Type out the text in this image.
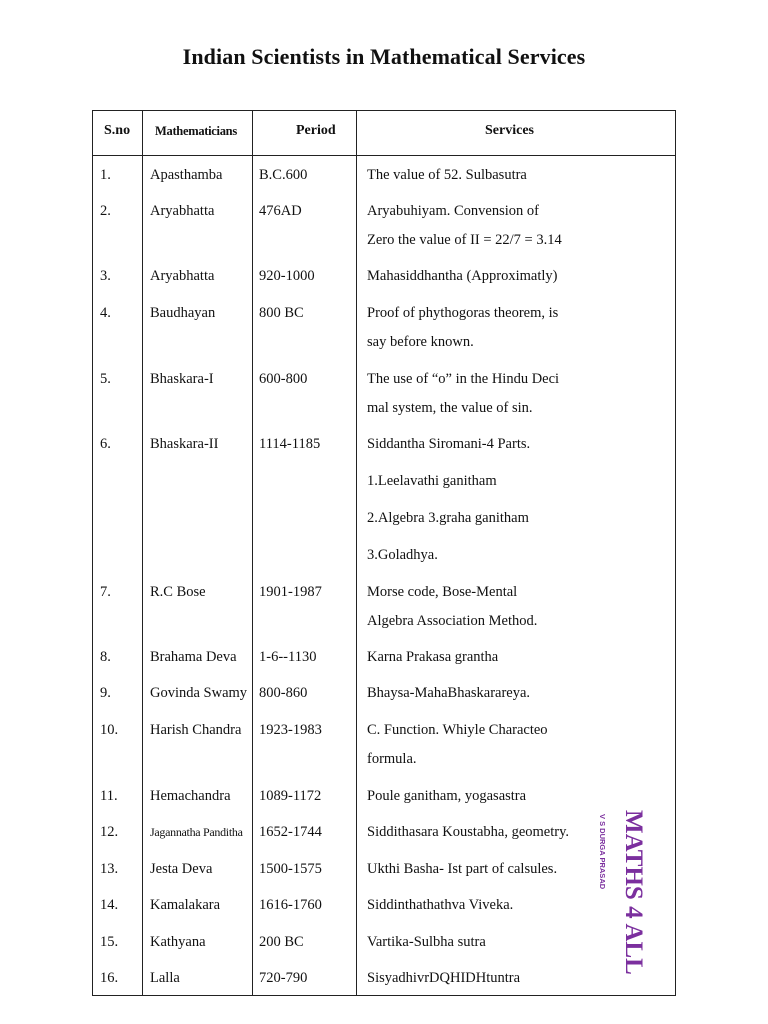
Indian Scientists in Mathematical Services
S.no Mathematicians	Period	Services
1.	Apasthamba	B.C.600	The value of 52. Sulbasutra
2.	Aryabhatta	476AD	Aryabuhiyam. Convension of
Zero the value of II = 22/7 = 3.14
3.	Aryabhatta	920-1000	Mahasiddhantha (Approximatly)
4.	Baudhayan	800 BC	Proof of phythogoras theorem, is
say before known.
5.	Bhaskara-I	600-800	The use of “o” in the Hindu Deci
mal system, the value of sin.
6.	Bhaskara-II	1114-1185	Siddantha Siromani-4 Parts.
1.Leelavathi ganitham
2.Algebra 3.graha ganitham
3.Goladhya.
7.	R.C Bose	1901-1987	Morse code, Bose-Mental
Algebra Association Method.
8.	Brahama Deva 1-6--1130	Karna Prakasa grantha
9.	Govinda Swamy 800-860	Bhaysa-MahaBhaskarareya.
10. Harish Chandra 1923-1983	C. Function. Whiyle Characteo
formula.
11. Hemachandra 1089-1172	Poule ganitham, yogasastra
12.	Jagannatha Panditha 1652-1744	Siddithasara Koustabha, geometry.
13. Jesta Deva	1500-1575	Ukthi Basha- Ist part of calsules.
14. Kamalakara	1616-1760	Siddinthathathva Viveka.
15. Kathyana	200 BC	Vartika-Sulbha sutra
16. Lalla	720-790	SisyadhivrDQHIDHtuntra
MATHS 4 ALL
V S DURGA PRASAD
